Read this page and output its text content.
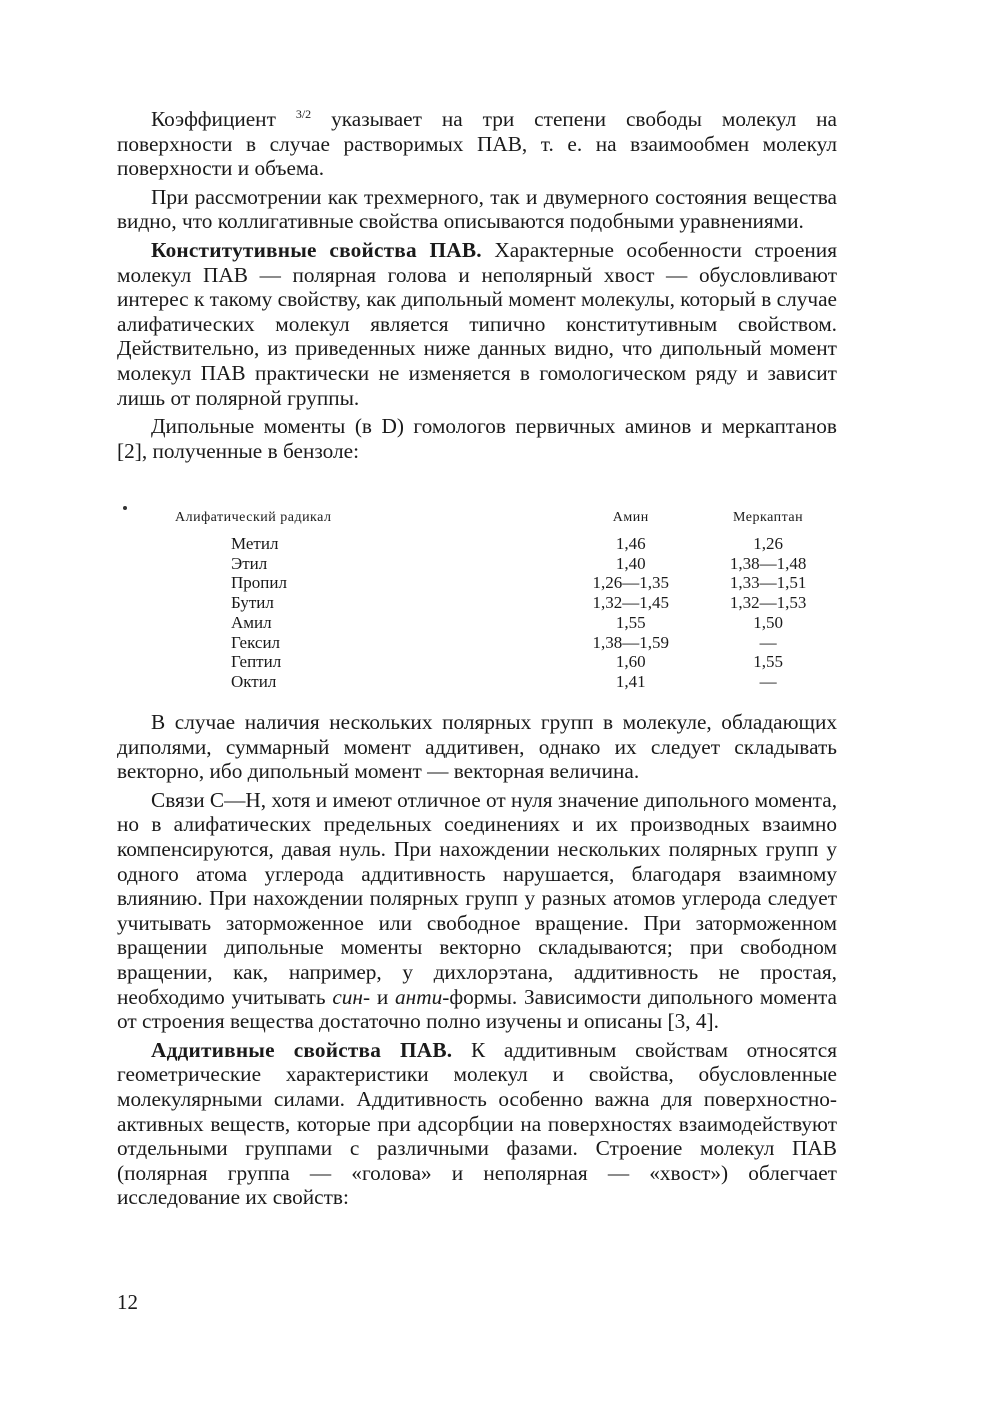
Коэффициент $^{3/2}$ указывает на три степени свободы молекул на поверхности в случае растворимых ПАВ, т. е. на взаимообмен молекул поверхности и объема.

При рассмотрении как трехмерного, так и двумерного состояния вещества видно, что коллигативные свойства описываются подобными уравнениями.

Конститутивные свойства ПАВ. Характерные особенности строения молекул ПАВ — полярная голова и неполярный хвост — обусловливают интерес к такому свойству, как дипольный момент молекулы, который в случае алифатических молекул является типично конститутивным свойством. Действительно, из приведенных ниже данных видно, что дипольный момент молекул ПАВ практически не изменяется в гомологическом ряду и зависит лишь от полярной группы.

Дипольные моменты (в D) гомологов первичных аминов и меркаптанов [2], полученные в бензоле:

Алифатический радикал	Амин	Меркаптан
Метил	1,46	1,26
Этил	1,40	1,38—1,48
Пропил	1,26—1,35	1,33—1,51
Бутил	1,32—1,45	1,32—1,53
Амил	1,55	1,50
Гексил	1,38—1,59	—
Гептил	1,60	1,55
Октил	1,41	—

В случае наличия нескольких полярных групп в молекуле, обладающих диполями, суммарный момент аддитивен, однако их следует складывать векторно, ибо дипольный момент — векторная величина.

Связи С—Н, хотя и имеют отличное от нуля значение дипольного момента, но в алифатических предельных соединениях и их производных взаимно компенсируются, давая нуль. При нахождении нескольких полярных групп у одного атома углерода аддитивность нарушается, благодаря взаимному влиянию. При нахождении полярных групп у разных атомов углерода следует учитывать заторможенное или свободное вращение. При заторможенном вращении дипольные моменты векторно складываются; при свободном вращении, как, например, у дихлорэтана, аддитивность не простая, необходимо учитывать син- и анти-формы. Зависимости дипольного момента от строения вещества достаточно полно изучены и описаны [3, 4].

Аддитивные свойства ПАВ. К аддитивным свойствам относятся геометрические характеристики молекул и свойства, обусловленные молекулярными силами. Аддитивность особенно важна для поверхностно-активных веществ, которые при адсорбции на поверхностях взаимодействуют отдельными группами с различными фазами. Строение молекул ПАВ (полярная группа — «голова» и неполярная — «хвост») облегчает исследование их свойств:

12
